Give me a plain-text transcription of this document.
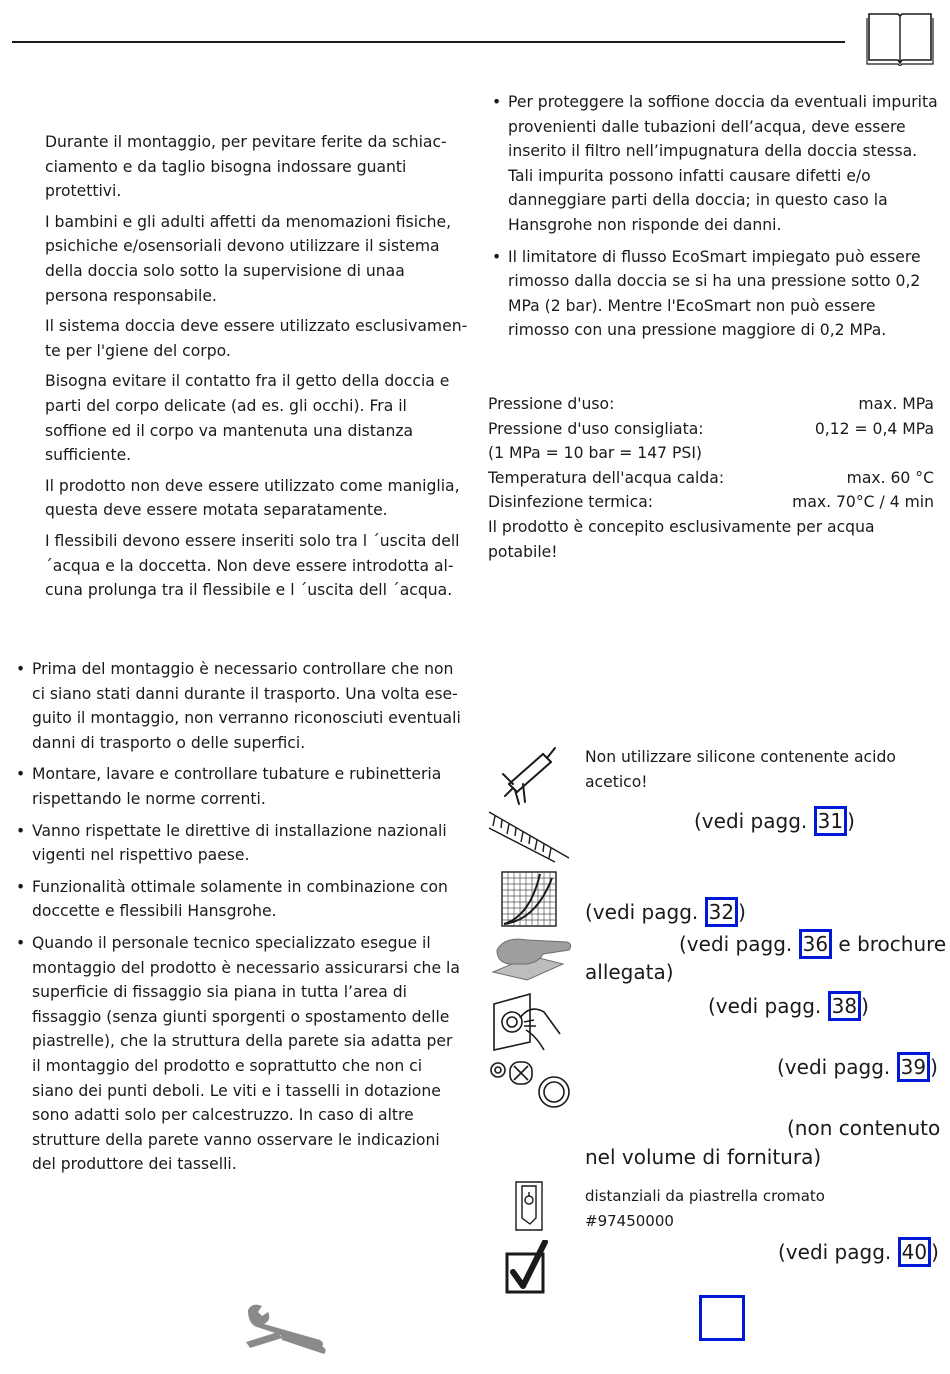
Durante il montaggio, per pevitare ferite da schiac-ciamento e da taglio bisogna indossare guanti protettivi.

I bambini e gli adulti affetti da menomazioni fisiche, psichiche e/osensoriali devono utilizzare il sistema della doccia solo sotto la supervisione di unaa persona responsabile.

Il sistema doccia deve essere utilizzato esclusivamen-te per l'giene del corpo.

Bisogna evitare il contatto fra il getto della doccia e parti del corpo delicate (ad es. gli occhi). Fra il soffione ed il corpo va mantenuta una distanza sufficiente.

Il prodotto non deve essere utilizzato come maniglia, questa deve essere motata separatamente.

I flessibili devono essere inseriti solo tra l ´uscita dell ´acqua e la doccetta. Non deve essere introdotta al-cuna prolunga tra il flessibile e l ´uscita dell ´acqua.

• Per proteggere la soffione doccia da eventuali impurita provenienti dalle tubazioni dell’acqua, deve essere inserito il filtro nell’impugnatura della doccia stessa. Tali impurita possono infatti causare difetti e/o danneggiare parti della doccia; in questo caso la Hansgrohe non risponde dei danni.
• Il limitatore di flusso EcoSmart impiegato può essere rimosso dalla doccia se si ha una pressione sotto 0,2 MPa (2 bar). Mentre l'EcoSmart non può essere rimosso con una pressione maggiore di 0,2 MPa.
Pressione d'uso:	max. MPa
Pressione d'uso consigliata:	0,12 = 0,4 MPa
(1 MPa = 10 bar = 147 PSI)
Temperatura dell'acqua calda:	max. 60 °C
Disinfezione termica:	max. 70°C / 4 min
Il prodotto è concepito esclusivamente per acqua potabile!
• Prima del montaggio è necessario controllare che non ci siano stati danni durante il trasporto. Una volta ese-guito il montaggio, non verranno riconosciuti eventuali danni di trasporto o delle superfici.
• Montare, lavare e controllare tubature e rubinetteria rispettando le norme correnti.
• Vanno rispettate le direttive di installazione nazionali vigenti nel rispettivo paese.
• Funzionalità ottimale solamente in combinazione con doccette e flessibili Hansgrohe.
• Quando il personale tecnico specializzato esegue il montaggio del prodotto è necessario assicurarsi che la superficie di fissaggio sia piana in tutta l’area di fissaggio (senza giunti sporgenti o spostamento delle piastrelle), che la struttura della parete sia adatta per il montaggio del prodotto e soprattutto che non ci siano dei punti deboli. Le viti e i tasselli in dotazione sono adatti solo per calcestruzzo. In caso di altre strutture della parete vanno osservare le indicazioni del produttore dei tasselli.
Non utilizzare silicone contenente acido acetico!
(vedi pagg. 31 )
(vedi pagg. 32 )
(vedi pagg. 36 e brochure
allegata)
(vedi pagg. 38 )
(vedi pagg. 39 )
(non contenuto
nel volume di fornitura)
distanziali da piastrella cromato
#97450000
(vedi pagg. 40 )
